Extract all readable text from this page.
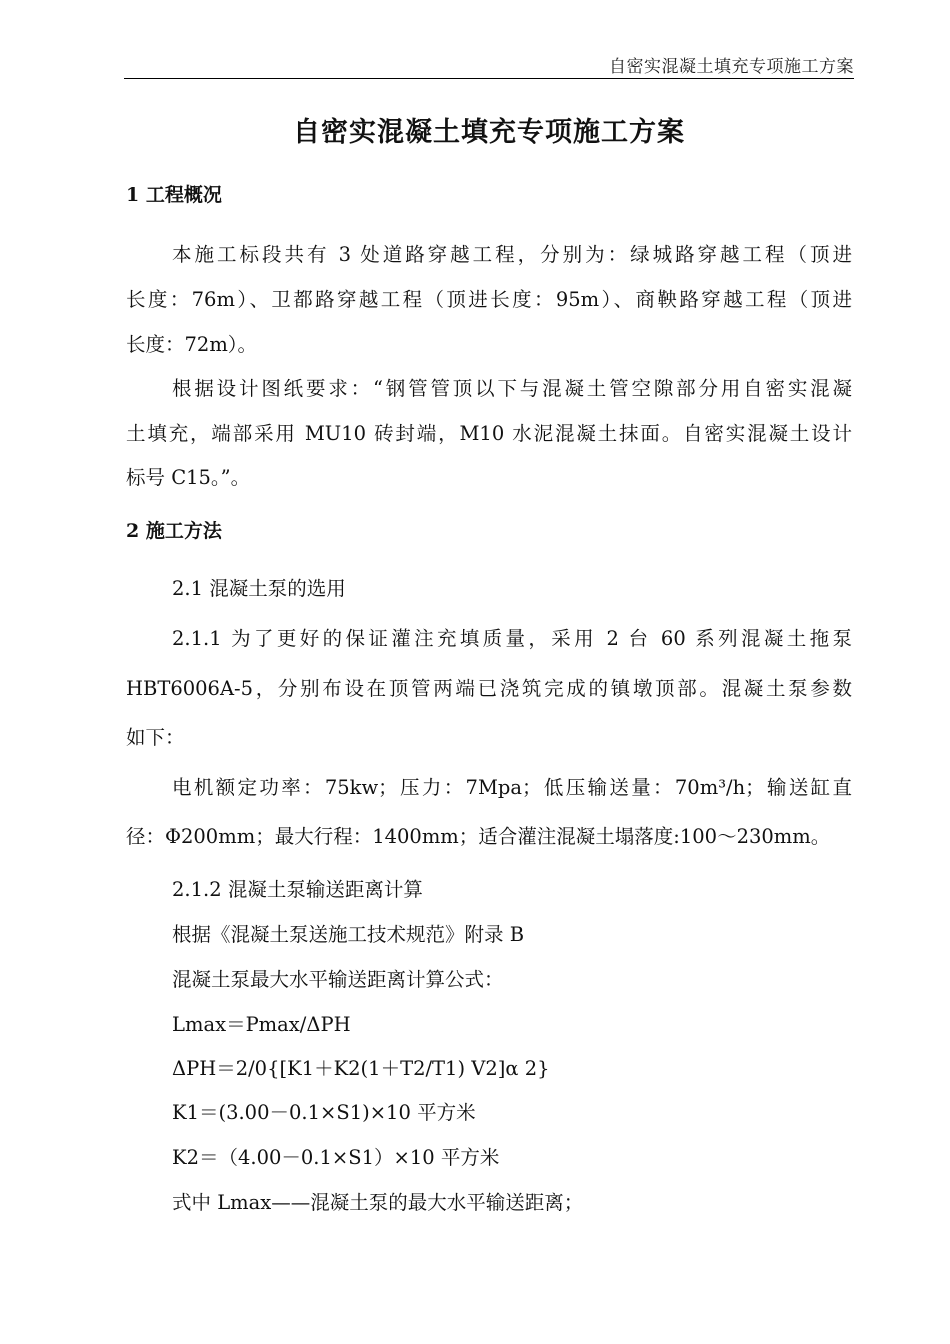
自密实混凝土填充专项施工方案
自密实混凝土填充专项施工方案
1 工程概况
本施工标段共有 3 处道路穿越工程，分别为：绿城路穿越工程（顶进
长度：76m）、卫都路穿越工程（顶进长度：95m）、商鞅路穿越工程（顶进
长度：72m）。
根据设计图纸要求：“钢管管顶以下与混凝土管空隙部分用自密实混凝
土填充，端部采用 MU10 砖封端，M10 水泥混凝土抹面。自密实混凝土设计
标号 C15。”。
2 施工方法
2.1 混凝土泵的选用
2.1.1 为了更好的保证灌注充填质量，采用 2 台 60 系列混凝土拖泵
HBT6006A-5，分别布设在顶管两端已浇筑完成的镇墩顶部。混凝土泵参数
如下：
电机额定功率：75kw；压力：7Mpa；低压输送量：70m³/h；输送缸直
径：Φ200mm；最大行程：1400mm；适合灌注混凝土塌落度:100～230mm。
2.1.2 混凝土泵输送距离计算
根据《混凝土泵送施工技术规范》附录 B
混凝土泵最大水平输送距离计算公式：
Lmax＝Pmax/ΔPH
ΔPH＝2/0{[K1＋K2(1＋T2/T1) V2]α 2}
K1＝(3.00－0.1×S1)×10 平方米
K2＝（4.00－0.1×S1）×10 平方米
式中 Lmax——混凝土泵的最大水平输送距离；
